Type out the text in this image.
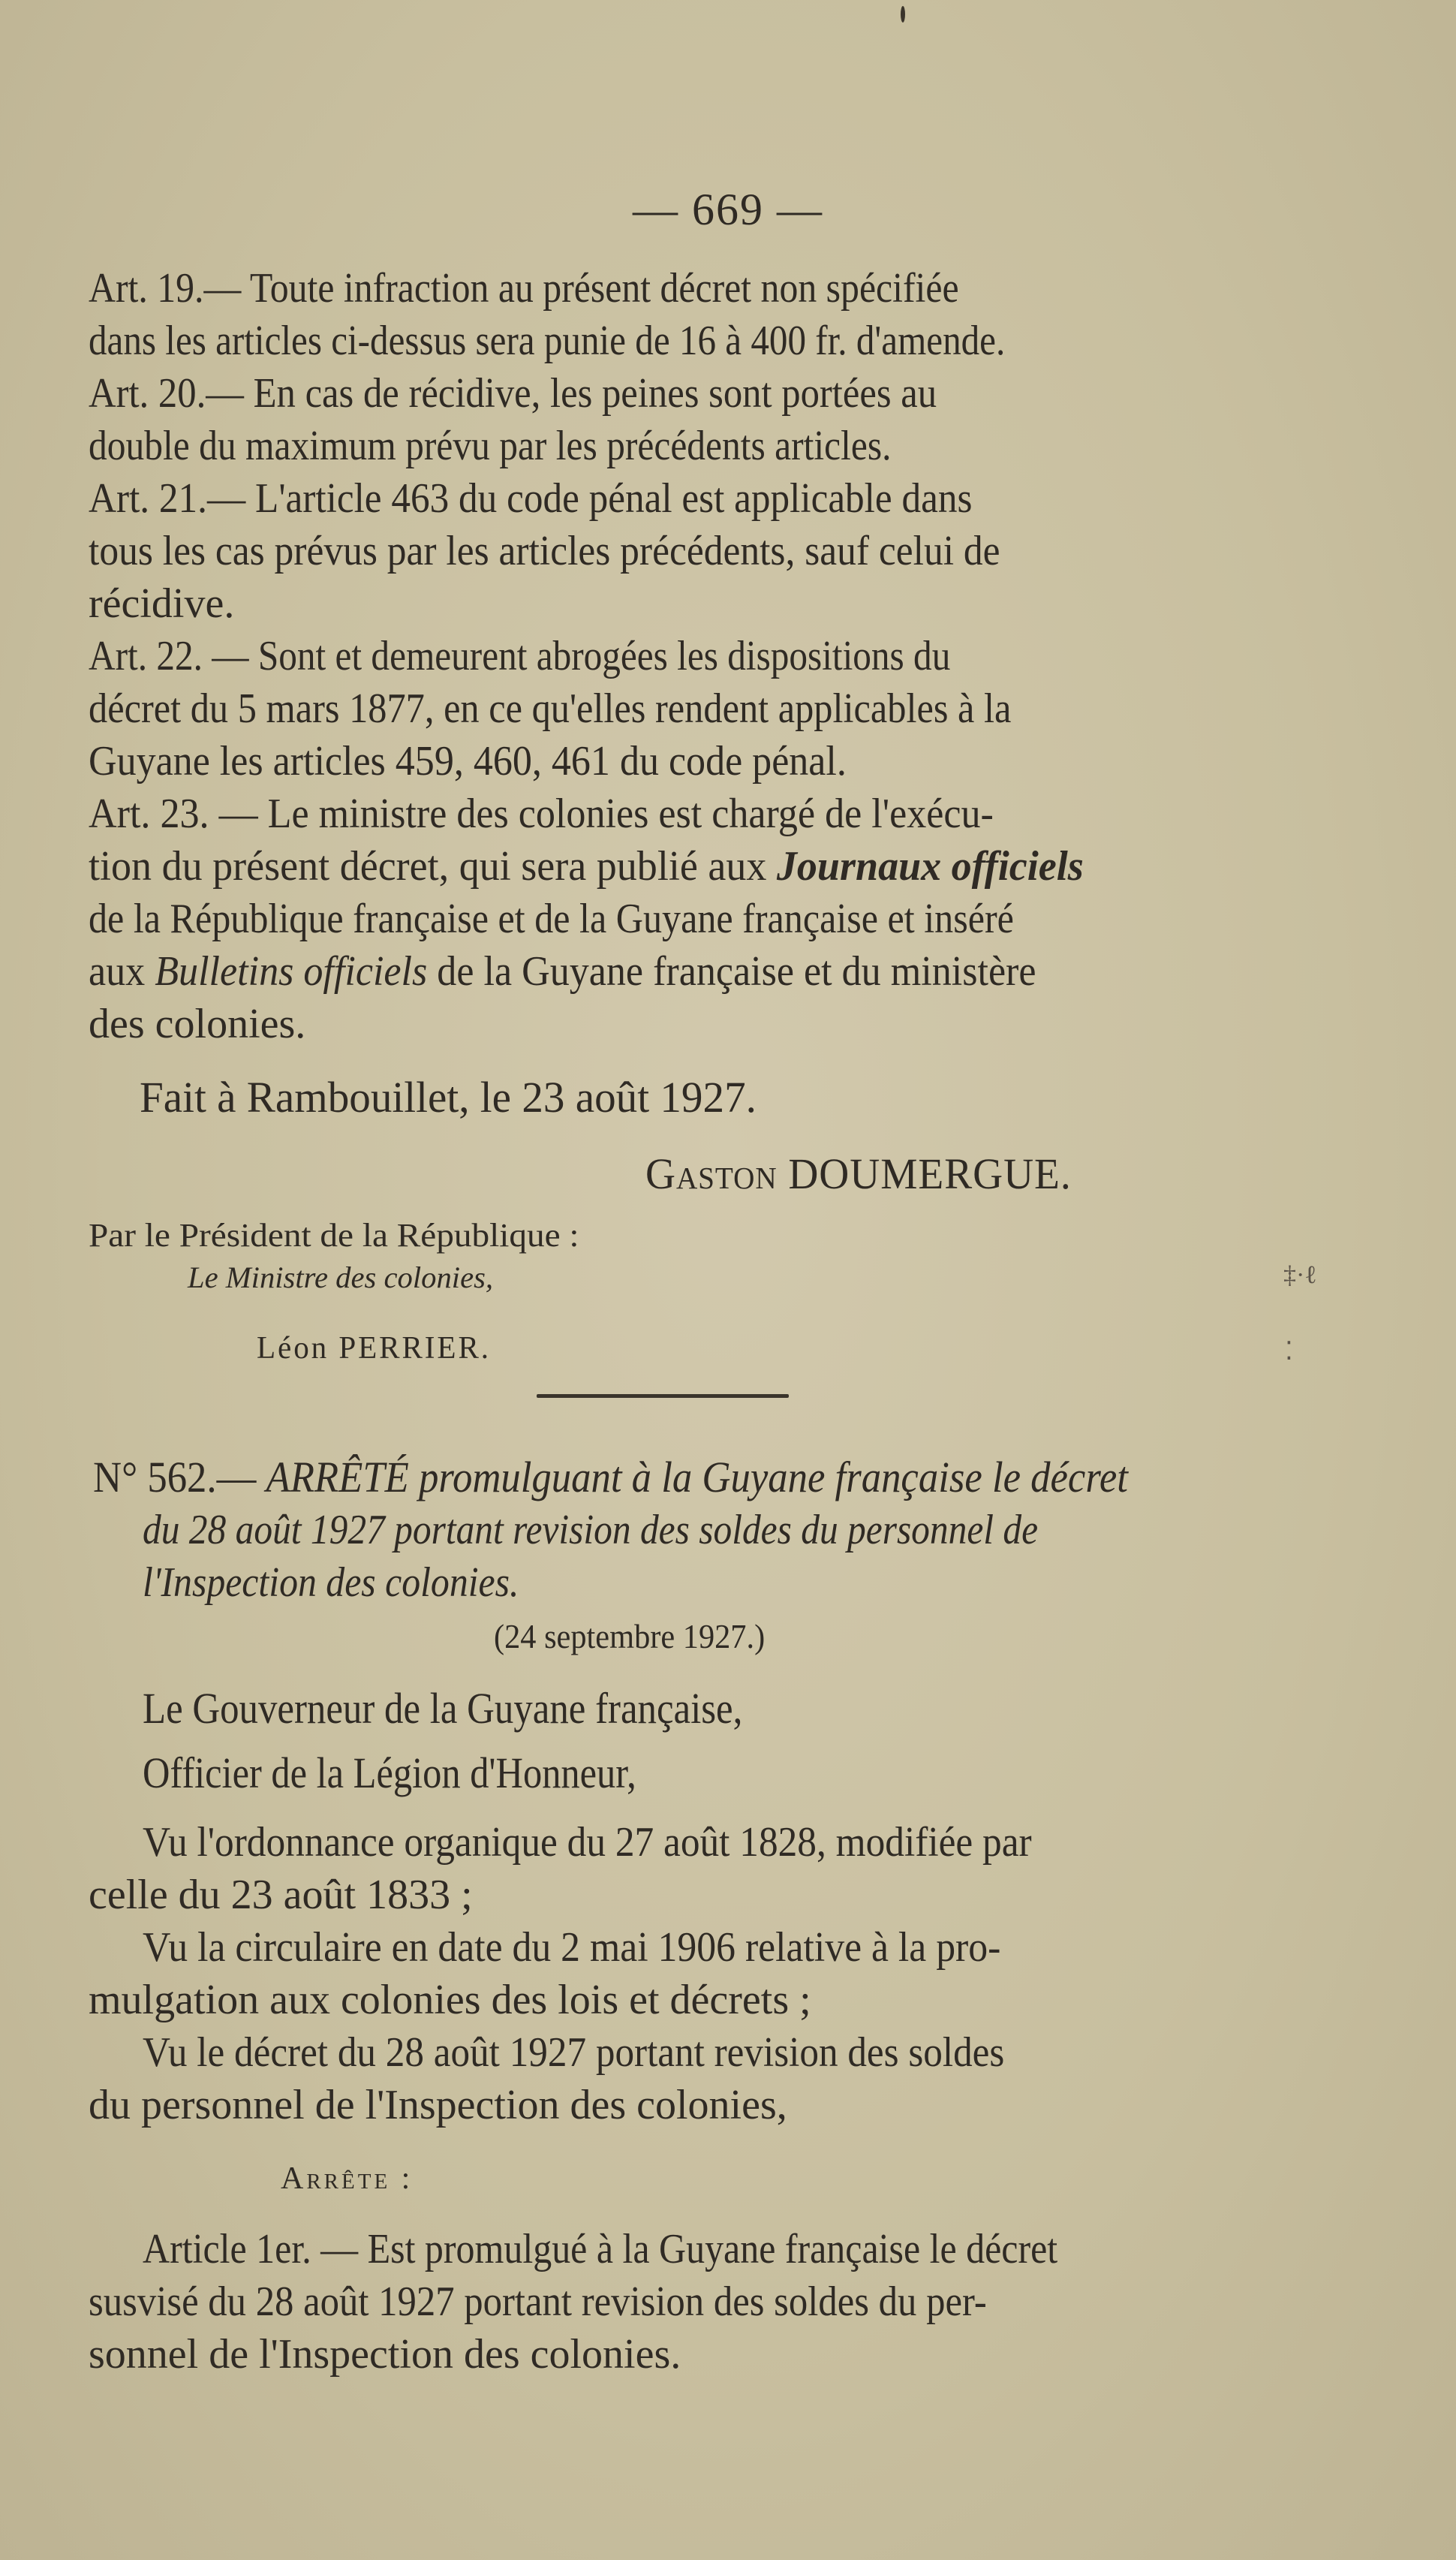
— 669 —
Art. 19.— Toute infraction au présent décret non spécifiée
dans les articles ci-dessus sera punie de 16 à 400 fr. d'amende.
Art. 20.— En cas de récidive, les peines sont portées au
double du maximum prévu par les précédents articles.
Art. 21.— L'article 463 du code pénal est applicable dans
tous les cas prévus par les articles précédents, sauf celui de
récidive.
Art. 22. — Sont et demeurent abrogées les dispositions du
décret du 5 mars 1877, en ce qu'elles rendent applicables à la
Guyane les articles 459, 460, 461 du code pénal.
Art. 23. — Le ministre des colonies est chargé de l'exécu-
tion du présent décret, qui sera publié aux Journaux officiels
de la République française et de la Guyane française et inséré
aux Bulletins officiels de la Guyane française et du ministère
des colonies.
Fait à Rambouillet, le 23 août 1927.
Gaston DOUMERGUE.
Par le Président de la République :
Le Ministre des colonies,
Léon PERRIER.
‡·ℓ
⁚
N° 562.— ARRÊTÉ promulguant à la Guyane française le décret
du 28 août 1927 portant revision des soldes du personnel de
l'Inspection des colonies.
(24 septembre 1927.)
Le Gouverneur de la Guyane française,
Officier de la Légion d'Honneur,
Vu l'ordonnance organique du 27 août 1828, modifiée par
celle du 23 août 1833 ;
Vu la circulaire en date du 2 mai 1906 relative à la pro-
mulgation aux colonies des lois et décrets ;
Vu le décret du 28 août 1927 portant revision des soldes
du personnel de l'Inspection des colonies,
Arrête :
Article 1er. — Est promulgué à la Guyane française le décret
susvisé du 28 août 1927 portant revision des soldes du per-
sonnel de l'Inspection des colonies.
